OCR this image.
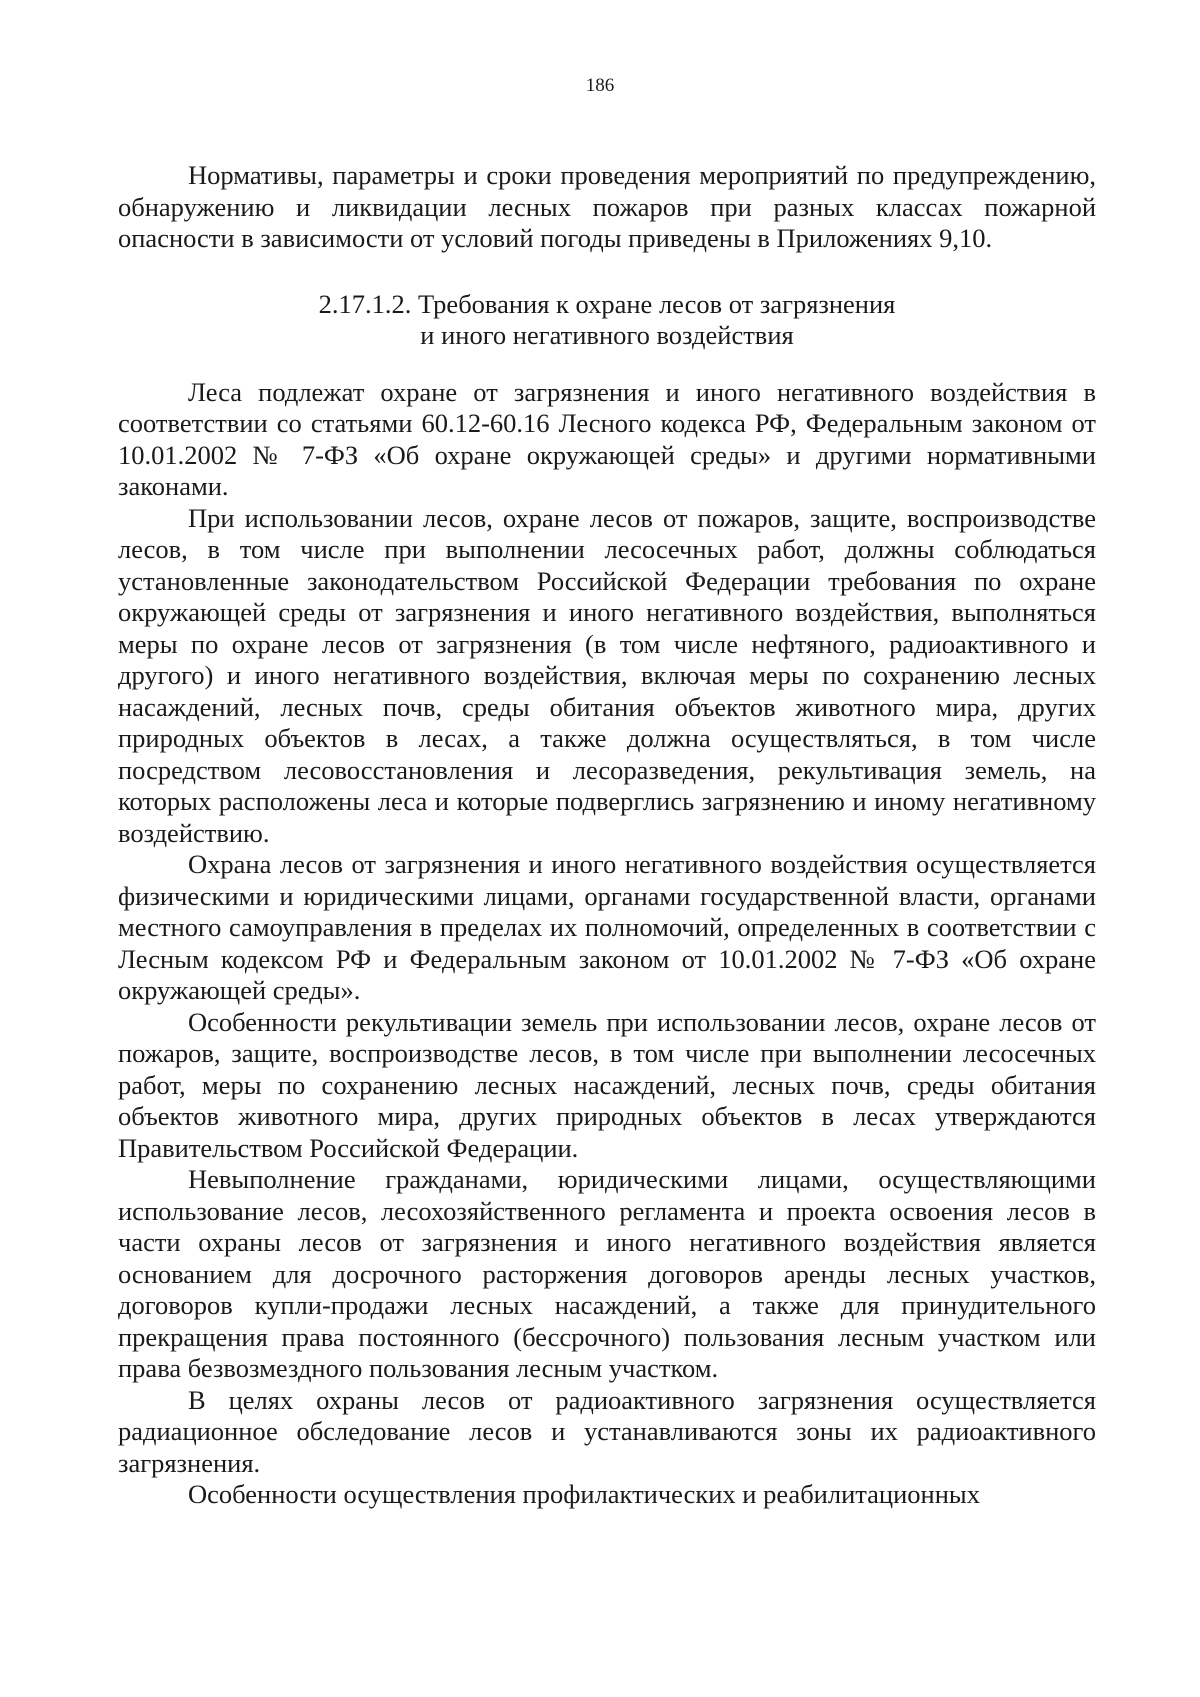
186

Нормативы, параметры и сроки проведения мероприятий по предупреждению, обнаружению и ликвидации лесных пожаров при разных классах пожарной опасности в зависимости от условий погоды приведены в Приложениях 9,10.

2.17.1.2. Требования к охране лесов от загрязнения
и иного негативного воздействия

Леса подлежат охране от загрязнения и иного негативного воздействия в соответствии со статьями 60.12-60.16 Лесного кодекса РФ, Федеральным законом от 10.01.2002 № 7-ФЗ «Об охране окружающей среды» и другими нормативными законами.

При использовании лесов, охране лесов от пожаров, защите, воспроизводстве лесов, в том числе при выполнении лесосечных работ, должны соблюдаться установленные законодательством Российской Федерации требования по охране окружающей среды от загрязнения и иного негативного воздействия, выполняться меры по охране лесов от загрязнения (в том числе нефтяного, радиоактивного и другого) и иного негативного воздействия, включая меры по сохранению лесных насаждений, лесных почв, среды обитания объектов животного мира, других природных объектов в лесах, а также должна осуществляться, в том числе посредством лесовосстановления и лесоразведения, рекультивация земель, на которых расположены леса и которые подверглись загрязнению и иному негативному воздействию.

Охрана лесов от загрязнения и иного негативного воздействия осуществляется физическими и юридическими лицами, органами государственной власти, органами местного самоуправления в пределах их полномочий, определенных в соответствии с Лесным кодексом РФ и Федеральным законом от 10.01.2002 № 7-ФЗ «Об охране окружающей среды».

Особенности рекультивации земель при использовании лесов, охране лесов от пожаров, защите, воспроизводстве лесов, в том числе при выполнении лесосечных работ, меры по сохранению лесных насаждений, лесных почв, среды обитания объектов животного мира, других природных объектов в лесах утверждаются Правительством Российской Федерации.

Невыполнение гражданами, юридическими лицами, осуществляющими использование лесов, лесохозяйственного регламента и проекта освоения лесов в части охраны лесов от загрязнения и иного негативного воздействия является основанием для досрочного расторжения договоров аренды лесных участков, договоров купли-продажи лесных насаждений, а также для принудительного прекращения права постоянного (бессрочного) пользования лесным участком или права безвозмездного пользования лесным участком.

В целях охраны лесов от радиоактивного загрязнения осуществляется радиационное обследование лесов и устанавливаются зоны их радиоактивного загрязнения.

Особенности осуществления профилактических и реабилитационных
